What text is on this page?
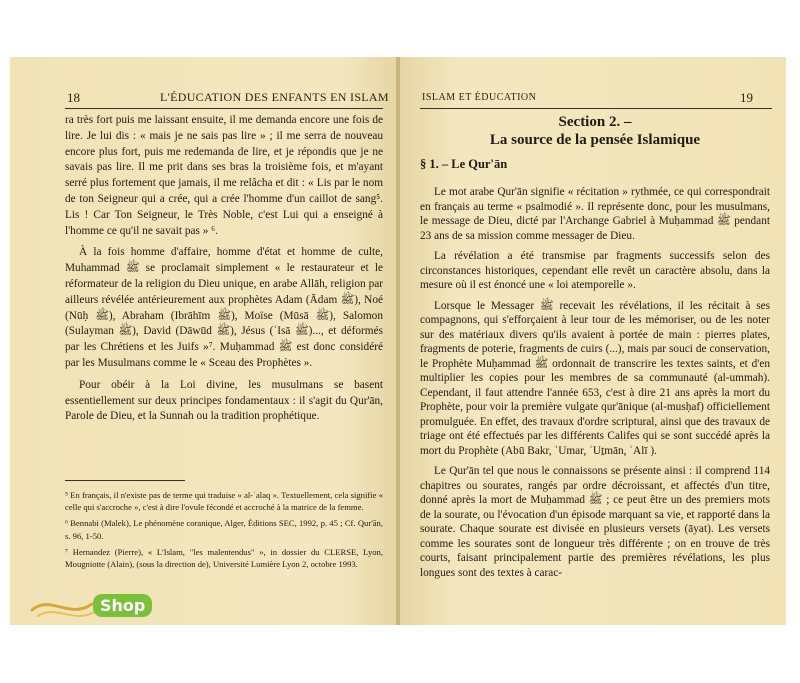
18	L'ÉDUCATION DES ENFANTS EN ISLAM

ra très fort puis me laissant ensuite, il me demanda encore une fois de lire. Je lui dis : « mais je ne sais pas lire » ; il me serra de nouveau encore plus fort, puis me redemanda de lire, et je répondis que je ne savais pas lire. Il me prit dans ses bras la troisième fois, et m'ayant serré plus fortement que jamais, il me relâcha et dit : « Lis par le nom de ton Seigneur qui a crée, qui a crée l'homme d'un caillot de sang⁵. Lis ! Car Ton Seigneur, le Très Noble, c'est Lui qui a enseigné à l'homme ce qu'il ne savait pas » ⁶.

À la fois homme d'affaire, homme d'état et homme de culte, Muhammad ﷺ se proclamait simplement « le restaurateur et le réformateur de la religion du Dieu unique, en arabe Allāh, religion par ailleurs révélée antérieurement aux prophètes Adam (Ādam ﷺ), Noé (Nūḥ ﷺ), Abraham (Ibrāhīm ﷺ), Moïse (Mūsā ﷺ), Salomon (Sulayman ﷺ), David (Dāwūd ﷺ), Jésus (ʿIsā ﷺ)..., et déformés par les Chrétiens et les Juifs »⁷. Muḥammad ﷺ est donc considéré par les Musulmans comme le « Sceau des Prophètes ».

Pour obéir à la Loi divine, les musulmans se basent essentiellement sur deux principes fondamentaux : il s'agit du Qur'ān, Parole de Dieu, et la Sunnah ou la tradition prophétique.

⁵ En français, il n'existe pas de terme qui traduise « al-ʿalaq ». Textuellement, cela signifie « celle qui s'accroche », c'est à dire l'ovule fécondé et accroché à la matrice de la femme.

⁶ Bennabi (Malek), Le phénomène coranique, Alger, Éditions SEC, 1992, p. 45 ; Cf. Qur'ān, s. 96, 1-50.

⁷ Hernandez (Pierre), « L'Islam, "les malentendus" », in dossier du CLERSE, Lyon, Mougniotte (Alain), (sous la direction de), Université Lumière Lyon 2, octobre 1993.

ISLAM ET ÉDUCATION	19
Section 2. –
La source de la pensée Islamique
§ 1. – Le Qur'ān

Le mot arabe Qur'ān signifie « récitation » rythmée, ce qui correspondrait en français au terme « psalmodié ». Il représente donc, pour les musulmans, le message de Dieu, dicté par l'Archange Gabriel à Muḥammad ﷺ pendant 23 ans de sa mission comme messager de Dieu.

La révélation a été transmise par fragments successifs selon des circonstances historiques, cependant elle revêt un caractère absolu, dans la mesure où il est énoncé une « loi atemporelle ».

Lorsque le Messager ﷺ recevait les révélations, il les récitait à ses compagnons, qui s'efforçaient à leur tour de les mémoriser, ou de les noter sur des matériaux divers qu'ils avaient à portée de main : pierres plates, fragments de poterie, fragments de cuirs (...), mais par souci de conservation, le Prophète Muḥammad ﷺ ordonnait de transcrire les textes saints, et d'en multiplier les copies pour les membres de sa communauté (al-ummah). Cependant, il faut attendre l'année 653, c'est à dire 21 ans après la mort du Prophète, pour voir la première vulgate qur'ānique (al-musḥaf) officiellement promulguée. En effet, des travaux d'ordre scriptural, ainsi que des travaux de triage ont été effectués par les différents Califes qui se sont succédé après la mort du Prophète (Abū Bakr, ʿUmar, ʿUṯmān, ʿAlī ).

Le Qur'ān tel que nous le connaissons se présente ainsi : il comprend 114 chapitres ou sourates, rangés par ordre décroissant, et affectés d'un titre, donné après la mort de Muḥammad ﷺ ; ce peut être un des premiers mots de la sourate, ou l'évocation d'un épisode marquant sa vie, et rapporté dans la sourate. Chaque sourate est divisée en plusieurs versets (āyat). Les versets comme les sourates sont de longueur très différente ; on en trouve de très courts, faisant principalement partie des premières révélations, les plus longues sont des textes à carac-

Shop
